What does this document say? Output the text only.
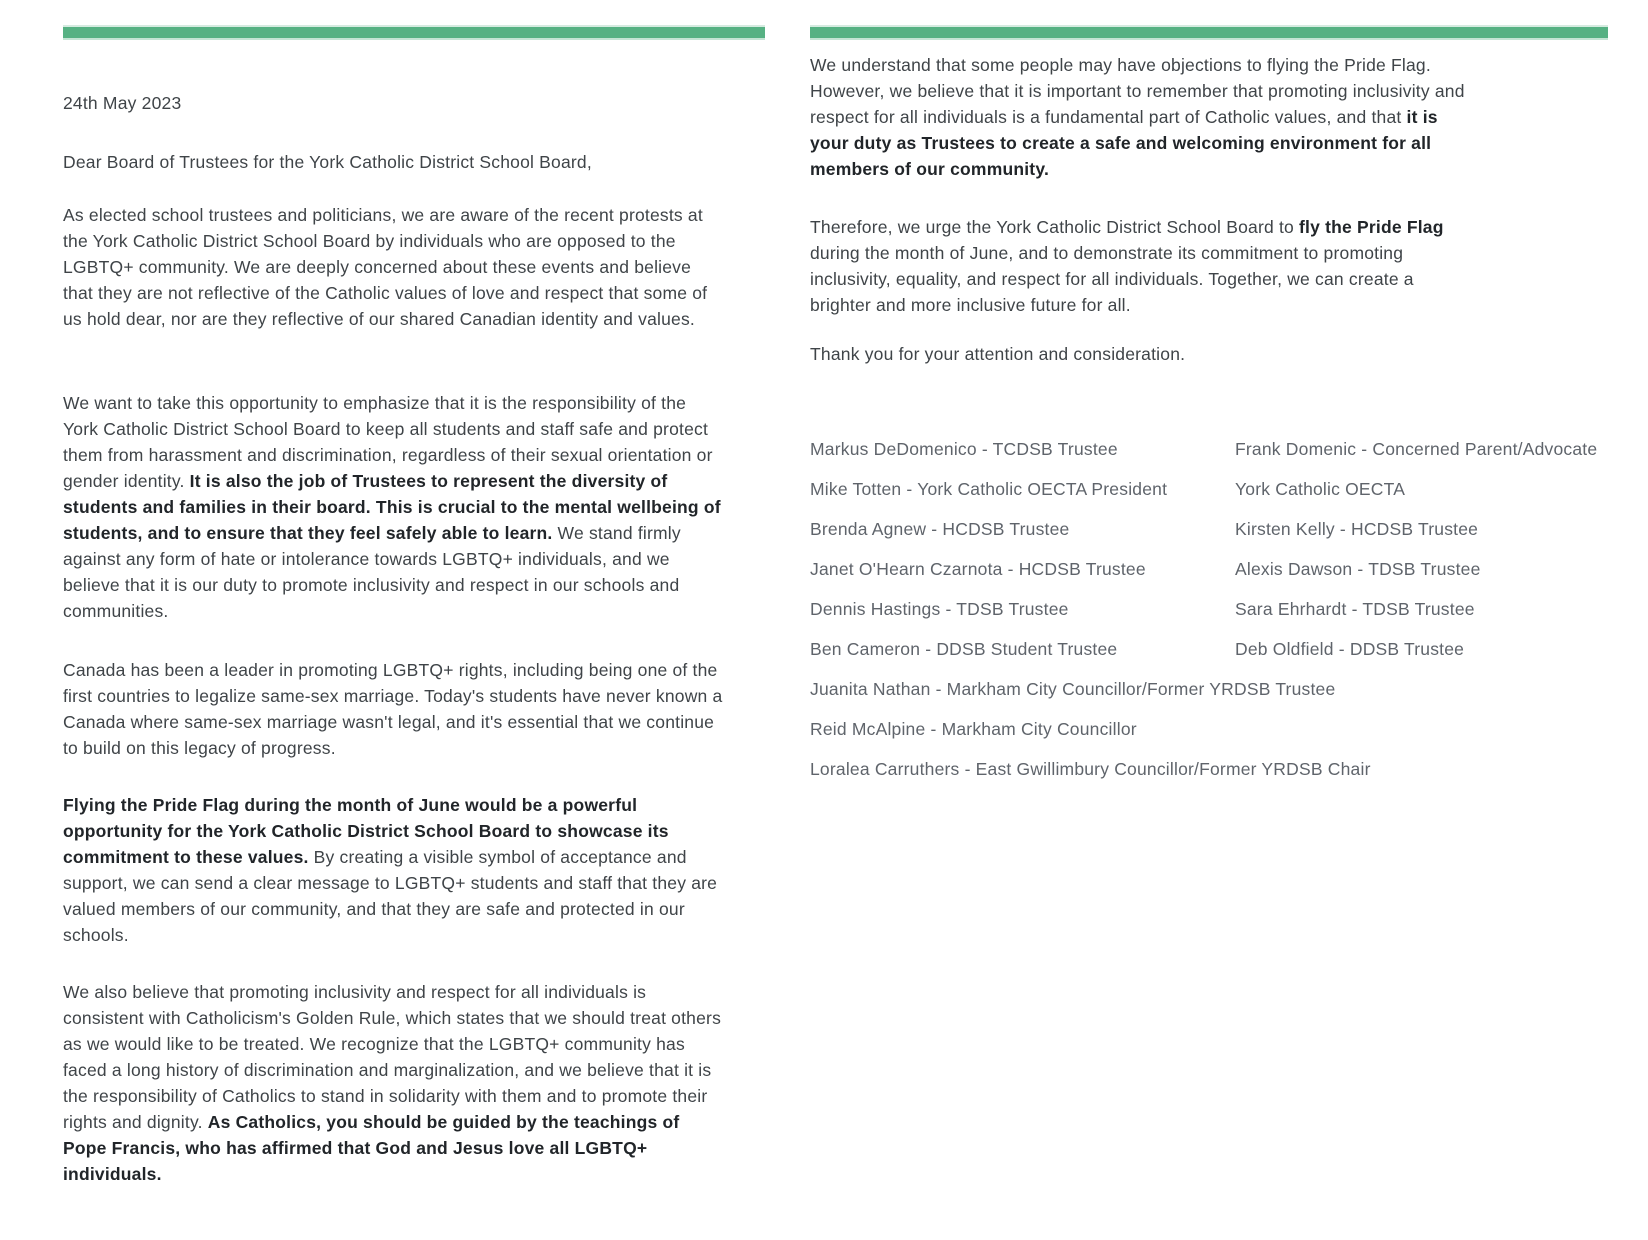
24th May 2023

Dear Board of Trustees for the York Catholic District School Board,

As elected school trustees and politicians, we are aware of the recent protests at the York Catholic District School Board by individuals who are opposed to the LGBTQ+ community. We are deeply concerned about these events and believe that they are not reflective of the Catholic values of love and respect that some of us hold dear, nor are they reflective of our shared Canadian identity and values.

We want to take this opportunity to emphasize that it is the responsibility of the York Catholic District School Board to keep all students and staff safe and protect them from harassment and discrimination, regardless of their sexual orientation or gender identity. It is also the job of Trustees to represent the diversity of students and families in their board. This is crucial to the mental wellbeing of students, and to ensure that they feel safely able to learn. We stand firmly against any form of hate or intolerance towards LGBTQ+ individuals, and we believe that it is our duty to promote inclusivity and respect in our schools and communities.

Canada has been a leader in promoting LGBTQ+ rights, including being one of the first countries to legalize same-sex marriage. Today's students have never known a Canada where same-sex marriage wasn't legal, and it's essential that we continue to build on this legacy of progress.

Flying the Pride Flag during the month of June would be a powerful opportunity for the York Catholic District School Board to showcase its commitment to these values. By creating a visible symbol of acceptance and support, we can send a clear message to LGBTQ+ students and staff that they are valued members of our community, and that they are safe and protected in our schools.

We also believe that promoting inclusivity and respect for all individuals is consistent with Catholicism's Golden Rule, which states that we should treat others as we would like to be treated. We recognize that the LGBTQ+ community has faced a long history of discrimination and marginalization, and we believe that it is the responsibility of Catholics to stand in solidarity with them and to promote their rights and dignity. As Catholics, you should be guided by the teachings of Pope Francis, who has affirmed that God and Jesus love all LGBTQ+ individuals.

We understand that some people may have objections to flying the Pride Flag. However, we believe that it is important to remember that promoting inclusivity and respect for all individuals is a fundamental part of Catholic values, and that it is your duty as Trustees to create a safe and welcoming environment for all members of our community.

Therefore, we urge the York Catholic District School Board to fly the Pride Flag during the month of June, and to demonstrate its commitment to promoting inclusivity, equality, and respect for all individuals. Together, we can create a brighter and more inclusive future for all.

Thank you for your attention and consideration.

Markus DeDomenico - TCDSB Trustee	Frank Domenic - Concerned Parent/Advocate
Mike Totten - York Catholic OECTA President	York Catholic OECTA
Brenda Agnew - HCDSB Trustee	Kirsten Kelly - HCDSB Trustee
Janet O'Hearn Czarnota - HCDSB Trustee	Alexis Dawson - TDSB Trustee
Dennis Hastings - TDSB Trustee	Sara Ehrhardt - TDSB Trustee
Ben Cameron - DDSB Student Trustee	Deb Oldfield - DDSB Trustee
Juanita Nathan - Markham City Councillor/Former YRDSB Trustee
Reid McAlpine - Markham City Councillor
Loralea Carruthers - East Gwillimbury Councillor/Former YRDSB Chair
